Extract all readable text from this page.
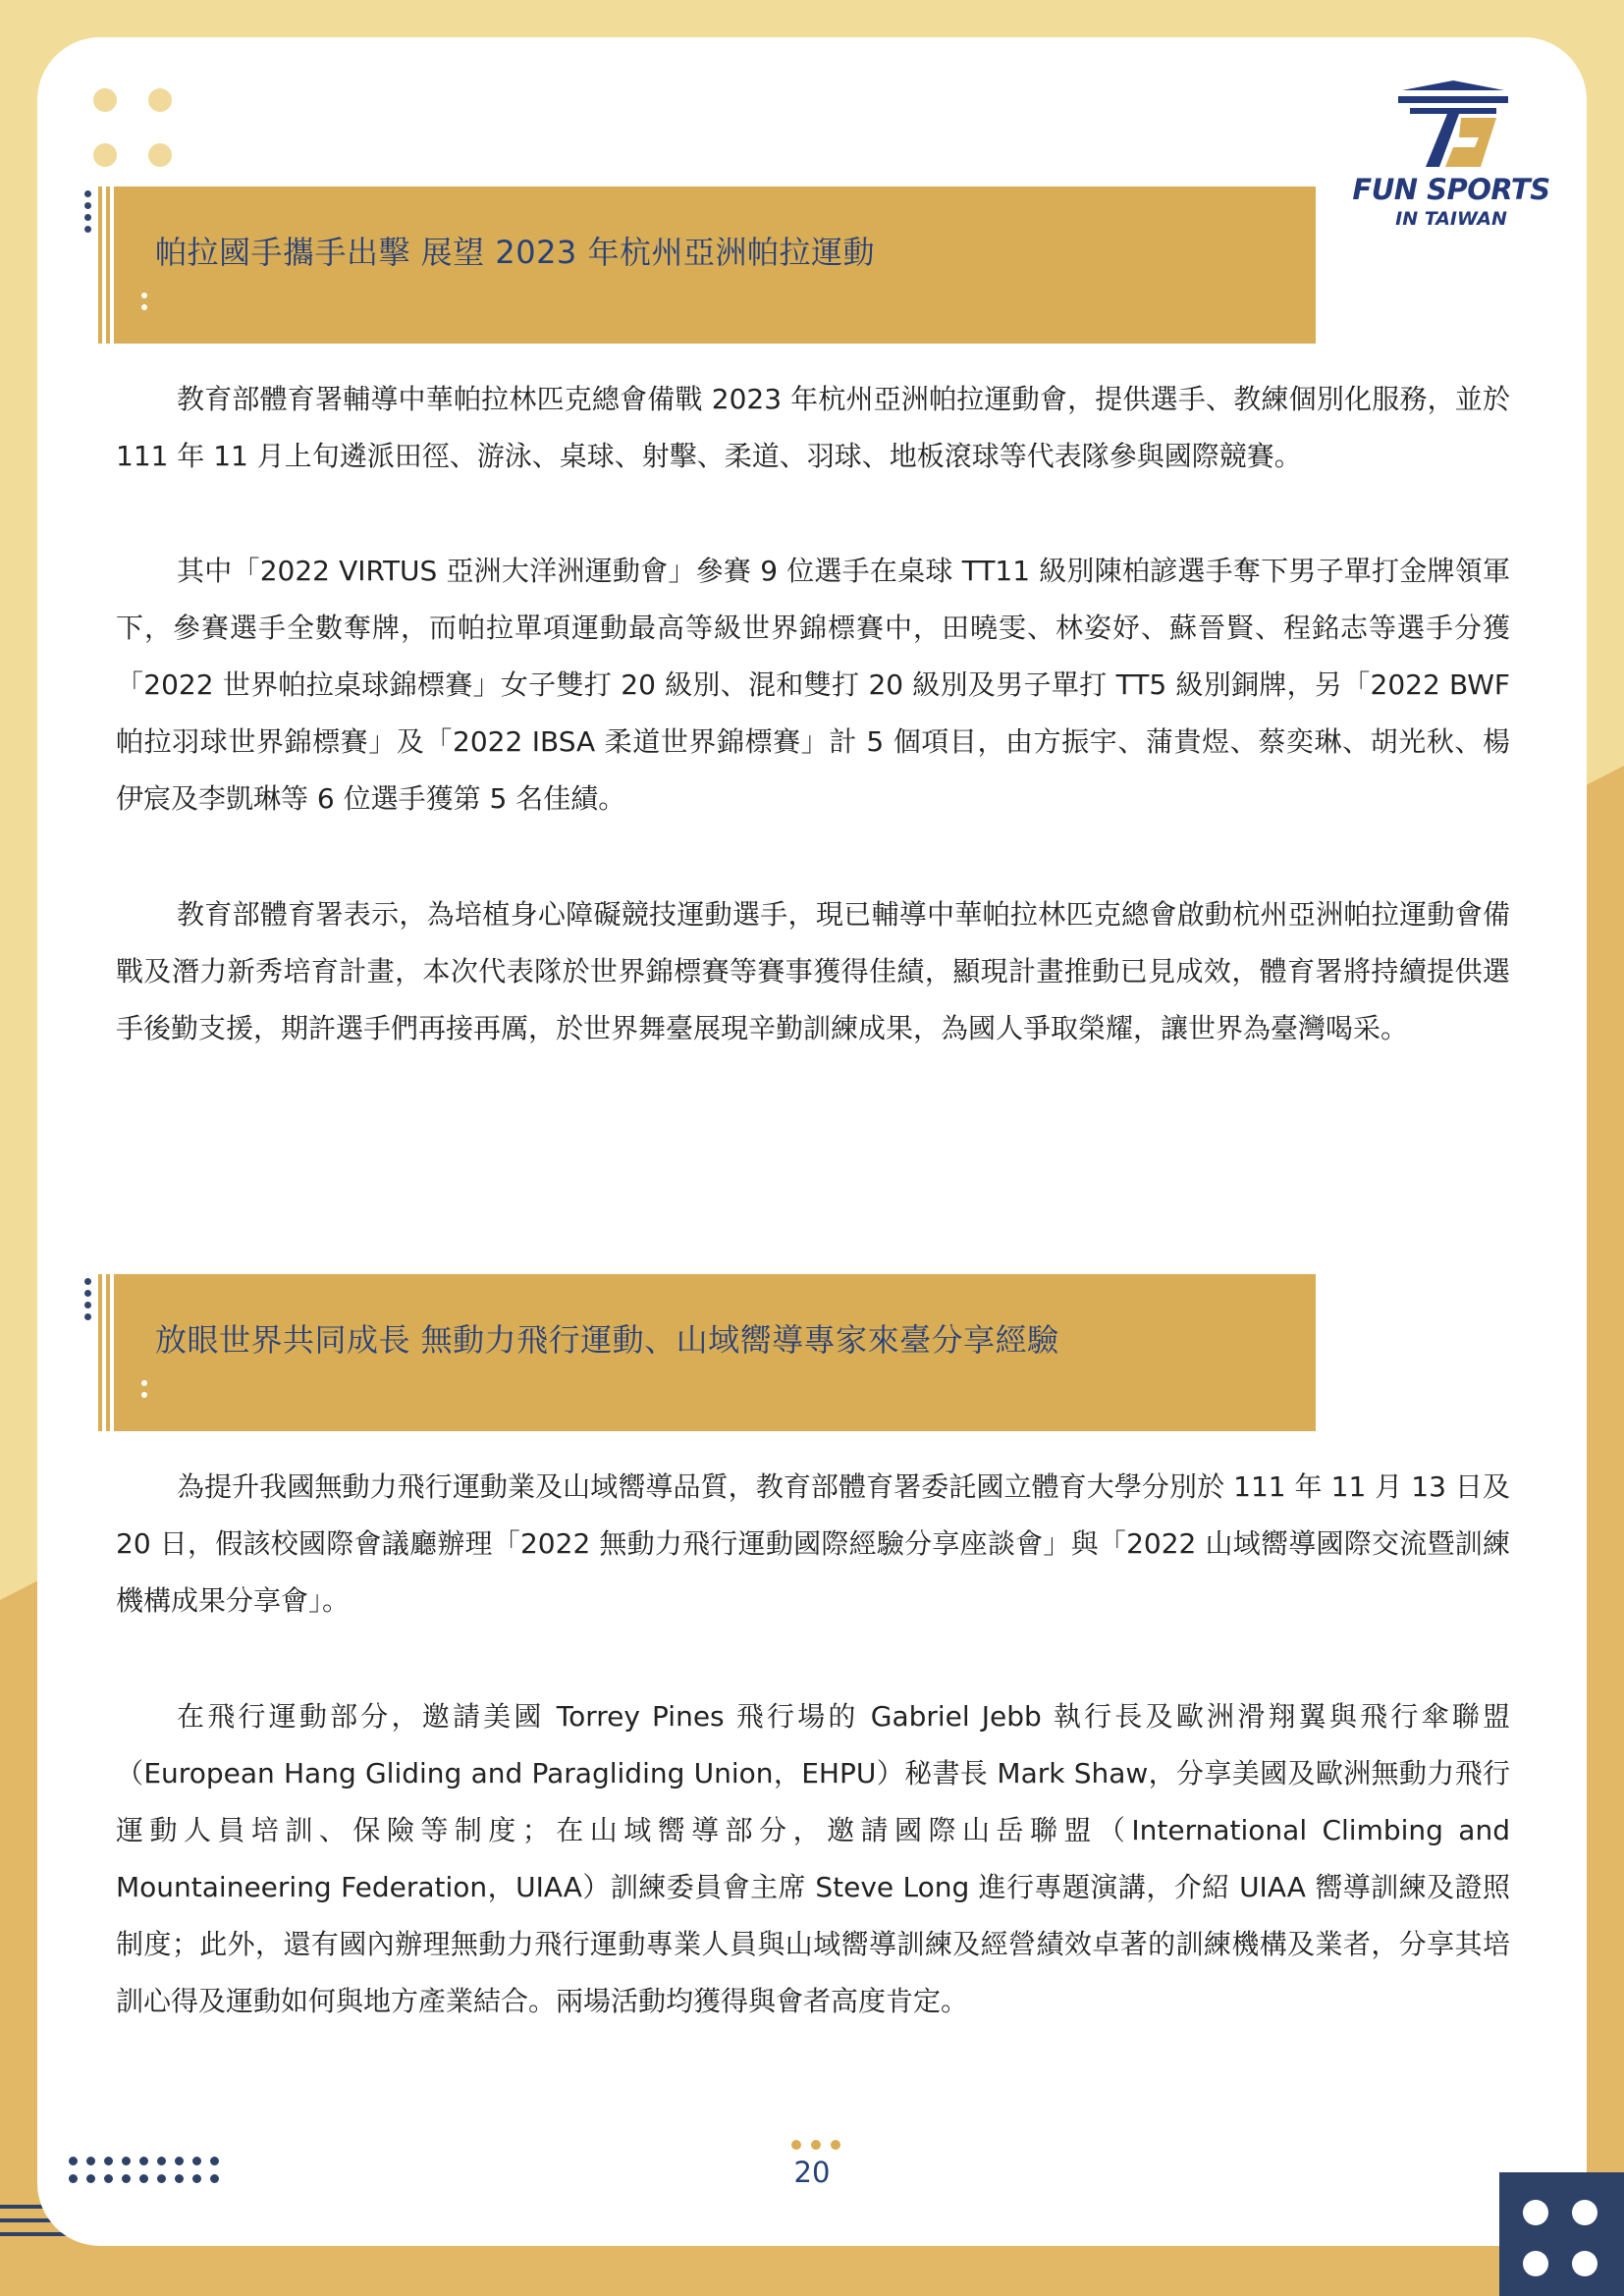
FUN SPORTS
IN TAIWAN
帕拉國手攜手出擊 展望 2023 年杭州亞洲帕拉運動

教育部體育署輔導中華帕拉林匹克總會備戰 2023 年杭州亞洲帕拉運動會，提供選手、教練個別化服務，並於 111 年 11 月上旬遴派田徑、游泳、桌球、射擊、柔道、羽球、地板滾球等代表隊參與國際競賽。

其中「2022 VIRTUS 亞洲大洋洲運動會」參賽 9 位選手在桌球 TT11 級別陳柏諺選手奪下男子單打金牌領軍下，參賽選手全數奪牌，而帕拉單項運動最高等級世界錦標賽中，田曉雯、林姿妤、蘇晉賢、程銘志等選手分獲「2022 世界帕拉桌球錦標賽」女子雙打 20 級別、混和雙打 20 級別及男子單打 TT5 級別銅牌，另「2022 BWF 帕拉羽球世界錦標賽」及「2022 IBSA 柔道世界錦標賽」計 5 個項目，由方振宇、蒲貴煜、蔡奕琳、胡光秋、楊伊宸及李凱琳等 6 位選手獲第 5 名佳績。

教育部體育署表示，為培植身心障礙競技運動選手，現已輔導中華帕拉林匹克總會啟動杭州亞洲帕拉運動會備戰及潛力新秀培育計畫，本次代表隊於世界錦標賽等賽事獲得佳績，顯現計畫推動已見成效，體育署將持續提供選手後勤支援，期許選手們再接再厲，於世界舞臺展現辛勤訓練成果，為國人爭取榮耀，讓世界為臺灣喝采。

放眼世界共同成長 無動力飛行運動、山域嚮導專家來臺分享經驗

為提升我國無動力飛行運動業及山域嚮導品質，教育部體育署委託國立體育大學分別於 111 年 11 月 13 日及 20 日，假該校國際會議廳辦理「2022 無動力飛行運動國際經驗分享座談會」與「2022 山域嚮導國際交流暨訓練機構成果分享會」。

在飛行運動部分，邀請美國 Torrey Pines 飛行場的 Gabriel Jebb 執行長及歐洲滑翔翼與飛行傘聯盟（European Hang Gliding and Paragliding Union，EHPU）秘書長 Mark Shaw，分享美國及歐洲無動力飛行運動人員培訓、保險等制度；在山域嚮導部分，邀請國際山岳聯盟（International Climbing and Mountaineering Federation，UIAA）訓練委員會主席 Steve Long 進行專題演講，介紹 UIAA 嚮導訓練及證照制度；此外，還有國內辦理無動力飛行運動專業人員與山域嚮導訓練及經營績效卓著的訓練機構及業者，分享其培訓心得及運動如何與地方產業結合。兩場活動均獲得與會者高度肯定。

20
